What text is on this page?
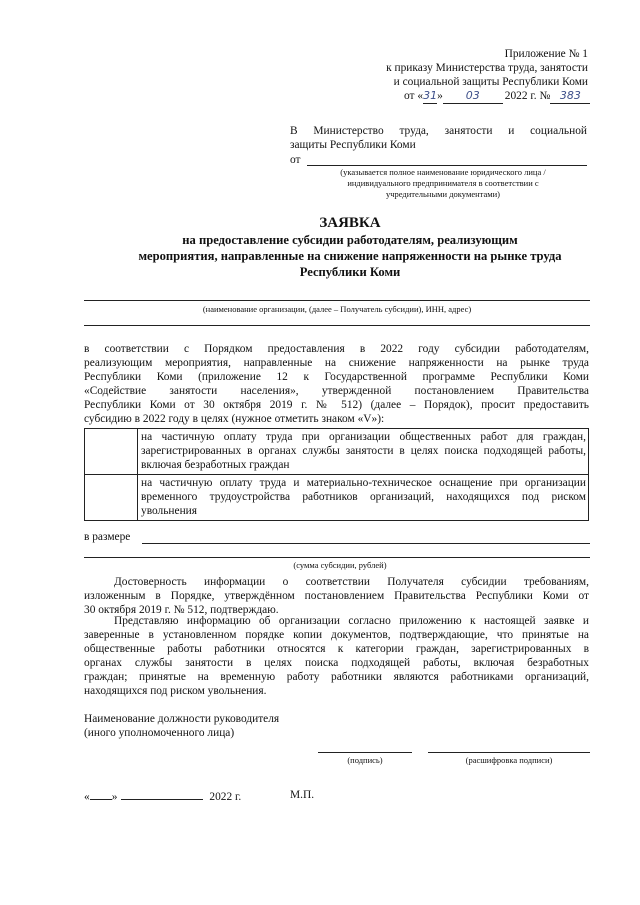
Приложение № 1
к приказу Министерства труда, занятости
и социальной защиты Республики Коми
от «31» 03 2022 г. № 383
В Министерство труда, занятости и социальной
защиты Республики Коми
от
(указывается полное наименование юридического лица /
индивидуального предпринимателя в соответствии с
учредительными документами)
ЗАЯВКА
на предоставление субсидии работодателям, реализующим
мероприятия, направленные на снижение напряженности на рынке труда
Республики Коми
(наименование организации, (далее – Получатель субсидии), ИНН, адрес)
в соответствии с Порядком предоставления в 2022 году субсидии работодателям,
реализующим мероприятия, направленные на снижение напряженности на рынке труда
Республики Коми (приложение 12 к Государственной программе Республики Коми
«Содействие занятости населения», утвержденной постановлением Правительства
Республики Коми от 30 октября 2019 г. № 512) (далее – Порядок), просит предоставить
субсидию в 2022 году в целях (нужное отметить знаком «V»):
	на частичную оплату труда при организации общественных работ для граждан, зарегистрированных в органах службы занятости в целях поиска подходящей работы, включая безработных граждан
	на частичную оплату труда и материально-техническое оснащение при организации временного трудоустройства работников организаций, находящихся под риском увольнения
в размере
(сумма субсидии, рублей)
Достоверность информации о соответствии Получателя субсидии требованиям,
изложенным в Порядке, утверждённом постановлением Правительства Республики Коми от
30 октября 2019 г. № 512, подтверждаю.
Представляю информацию об организации согласно приложению к настоящей заявке и
заверенные в установленном порядке копии документов, подтверждающие, что принятые на
общественные работы работники относятся к категории граждан, зарегистрированных в
органах службы занятости в целях поиска подходящей работы, включая безработных
граждан; принятые на временную работу работники являются работниками организаций,
находящихся под риском увольнения.
Наименование должности руководителя
(иного уполномоченного лица)
(подпись)	(расшифровка подписи)
« »	2022 г.	М.П.
